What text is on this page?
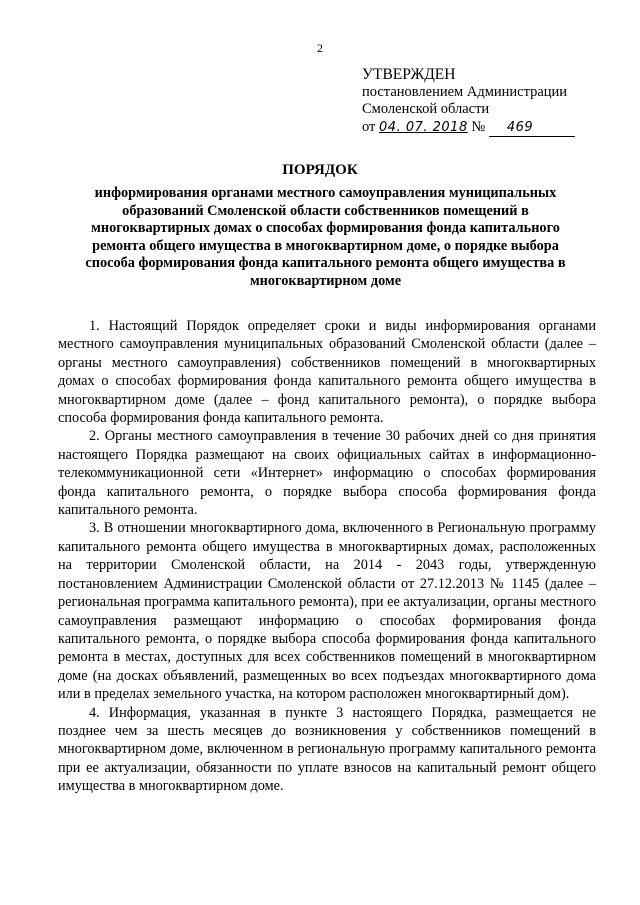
2
УТВЕРЖДЕН
постановлением Администрации
Смоленской области
от 04. 07. 2018 № 469
ПОРЯДОК
информирования органами местного самоуправления муниципальных образований Смоленской области собственников помещений в многоквартирных домах о способах формирования фонда капитального ремонта общего имущества в многоквартирном доме, о порядке выбора способа формирования фонда капитального ремонта общего имущества в многоквартирном доме

1. Настоящий Порядок определяет сроки и виды информирования органами местного самоуправления муниципальных образований Смоленской области (далее – органы местного самоуправления) собственников помещений в многоквартирных домах о способах формирования фонда капитального ремонта общего имущества в многоквартирном доме (далее – фонд капитального ремонта), о порядке выбора способа формирования фонда капитального ремонта.

2. Органы местного самоуправления в течение 30 рабочих дней со дня принятия настоящего Порядка размещают на своих официальных сайтах в информационно-телекоммуникационной сети «Интернет» информацию о способах формирования фонда капитального ремонта, о порядке выбора способа формирования фонда капитального ремонта.

3. В отношении многоквартирного дома, включенного в Региональную программу капитального ремонта общего имущества в многоквартирных домах, расположенных на территории Смоленской области, на 2014 - 2043 годы, утвержденную постановлением Администрации Смоленской области от 27.12.2013 № 1145 (далее – региональная программа капитального ремонта), при ее актуализации, органы местного самоуправления размещают информацию о способах формирования фонда капитального ремонта, о порядке выбора способа формирования фонда капитального ремонта в местах, доступных для всех собственников помещений в многоквартирном доме (на досках объявлений, размещенных во всех подъездах многоквартирного дома или в пределах земельного участка, на котором расположен многоквартирный дом).

4. Информация, указанная в пункте 3 настоящего Порядка, размещается не позднее чем за шесть месяцев до возникновения у собственников помещений в многоквартирном доме, включенном в региональную программу капитального ремонта при ее актуализации, обязанности по уплате взносов на капитальный ремонт общего имущества в многоквартирном доме.
